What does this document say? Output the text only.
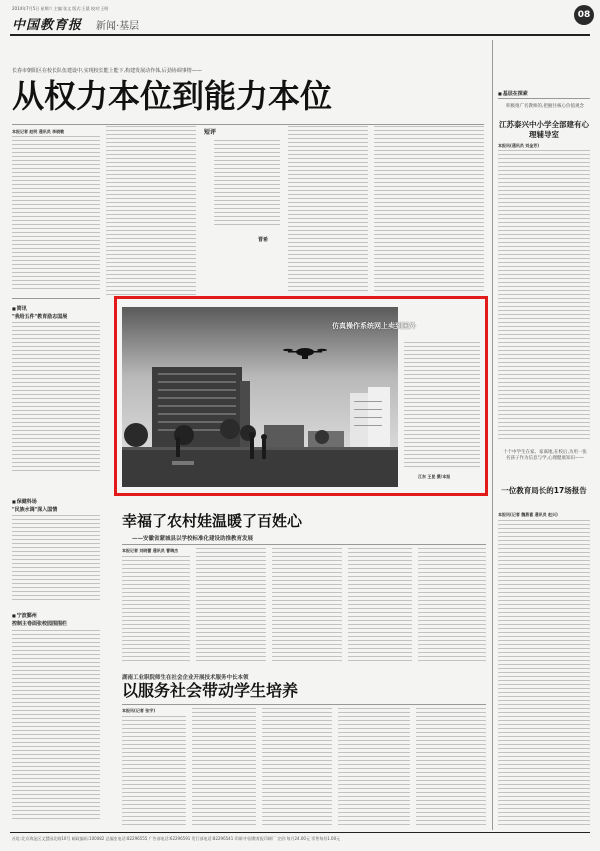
2014年7月5日 星期六 主编:张文 版式:王晨 校对:王明
中国教育报	新闻·基层
08
长春市朝阳区在校长队伍建设中,实现校长能上能下,构建发展动作体,后劲协调事情——
从权力本位到能力本位
本报记者 赵明 通讯员 李晓敏	短评
晋希
■ 简讯
"我给五件"教育励志国展
■ 保健科场
"民族水调"深入国情
■ 宁波鄞州
控制主卷面张校园围围栏
仿真操作系统网上卖到国外
江东 王昆 摄/本报
幸福了农村娃温暖了百姓心
——安徽省蒙城县以学校标准化建设助推教育发展
本报记者 刘晓蕾 通讯员 曹瑞杰
湖南工业职院师生在社会企业开展技术服务中长本领
以服务社会带动学生培养
本报讯(记者 张宇)
■ 基层在探索
积极推广名教师的,把握住核心价值观念
江苏泰兴中小学全部建有心理辅导室
本报讯(通讯员 刘金芳)
十个中学生在家、家离地,在校后,为用一张名孩子作为信息与学,心理健康知识——
一位教育局长的17场报告
本报讯(记者 魏燕喜 通讯员 赵兴)
社址:北京海淀区文慧园北路10号 邮政编码:100082 总编室电话:82296555 广告部电话:62296591 发行部电话:82296541 印刷:中国教育报印刷厂 定价:每月24.00元 零售每份1.00元
